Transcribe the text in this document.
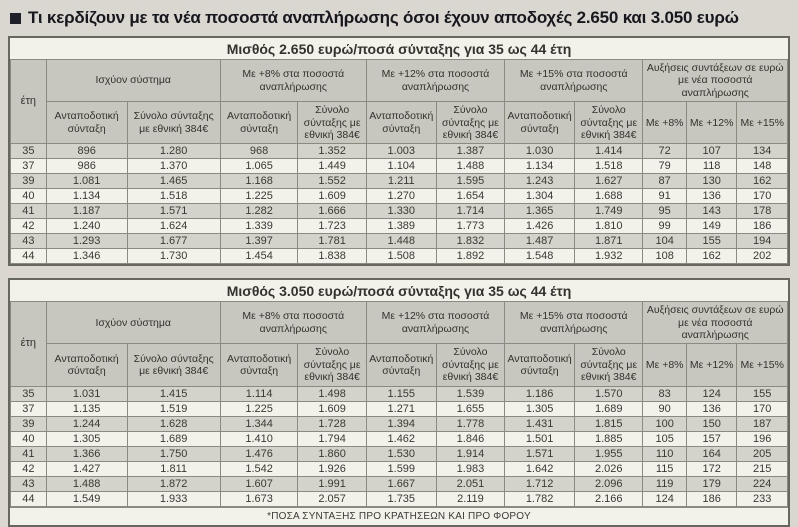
Τι κερδίζουν με τα νέα ποσοστά αναπλήρωσης όσοι έχουν αποδοχές 2.650 και 3.050 ευρώ
Μισθός 2.650 ευρώ/ποσά σύνταξης για 35 ως 44 έτη
έτη	Ισχύον σύστημα		Με +8% στα ποσοστά αναπλήρωσης		Με +12% στα ποσοστά αναπλήρωσης		Με +15% στα ποσοστά αναπλήρωσης		Αυξήσεις συντάξεων σε ευρώ με νέα ποσοστά αναπλήρωσης		
	Ανταποδοτική σύνταξη	Σύνολο σύνταξης με εθνική 384€	Ανταποδοτική σύνταξη	Σύνολο σύνταξης με εθνική 384€	Ανταποδοτική σύνταξη	Σύνολο σύνταξης με εθνική 384€	Ανταποδοτική σύνταξη	Σύνολο σύνταξης με εθνική 384€	Με +8%	Με +12%	Με +15%
35	896	1.280	968	1.352	1.003	1.387	1.030	1.414	72	107	134
37	986	1.370	1.065	1.449	1.104	1.488	1.134	1.518	79	118	148
39	1.081	1.465	1.168	1.552	1.211	1.595	1.243	1.627	87	130	162
40	1.134	1.518	1.225	1.609	1.270	1.654	1.304	1.688	91	136	170
41	1.187	1.571	1.282	1.666	1.330	1.714	1.365	1.749	95	143	178
42	1.240	1.624	1.339	1.723	1.389	1.773	1.426	1.810	99	149	186
43	1.293	1.677	1.397	1.781	1.448	1.832	1.487	1.871	104	155	194
44	1.346	1.730	1.454	1.838	1.508	1.892	1.548	1.932	108	162	202
Μισθός 3.050 ευρώ/ποσά σύνταξης για 35 ως 44 έτη
έτη	Ισχύον σύστημα		Με +8% στα ποσοστά αναπλήρωσης		Με +12% στα ποσοστά αναπλήρωσης		Με +15% στα ποσοστά αναπλήρωσης		Αυξήσεις συντάξεων σε ευρώ με νέα ποσοστά αναπλήρωσης		
	Ανταποδοτική σύνταξη	Σύνολο σύνταξης με εθνική 384€	Ανταποδοτική σύνταξη	Σύνολο σύνταξης με εθνική 384€	Ανταποδοτική σύνταξη	Σύνολο σύνταξης με εθνική 384€	Ανταποδοτική σύνταξη	Σύνολο σύνταξης με εθνική 384€	Με +8%	Με +12%	Με +15%
35	1.031	1.415	1.114	1.498	1.155	1.539	1.186	1.570	83	124	155
37	1.135	1.519	1.225	1.609	1.271	1.655	1.305	1.689	90	136	170
39	1.244	1.628	1.344	1.728	1.394	1.778	1.431	1.815	100	150	187
40	1.305	1.689	1.410	1.794	1.462	1.846	1.501	1.885	105	157	196
41	1.366	1.750	1.476	1.860	1.530	1.914	1.571	1.955	110	164	205
42	1.427	1.811	1.542	1.926	1.599	1.983	1.642	2.026	115	172	215
43	1.488	1.872	1.607	1.991	1.667	2.051	1.712	2.096	119	179	224
44	1.549	1.933	1.673	2.057	1.735	2.119	1.782	2.166	124	186	233
*ΠΟΣΑ ΣΥΝΤΑΞΗΣ ΠΡΟ ΚΡΑΤΗΣΕΩΝ ΚΑΙ ΠΡΟ ΦΟΡΟΥ
